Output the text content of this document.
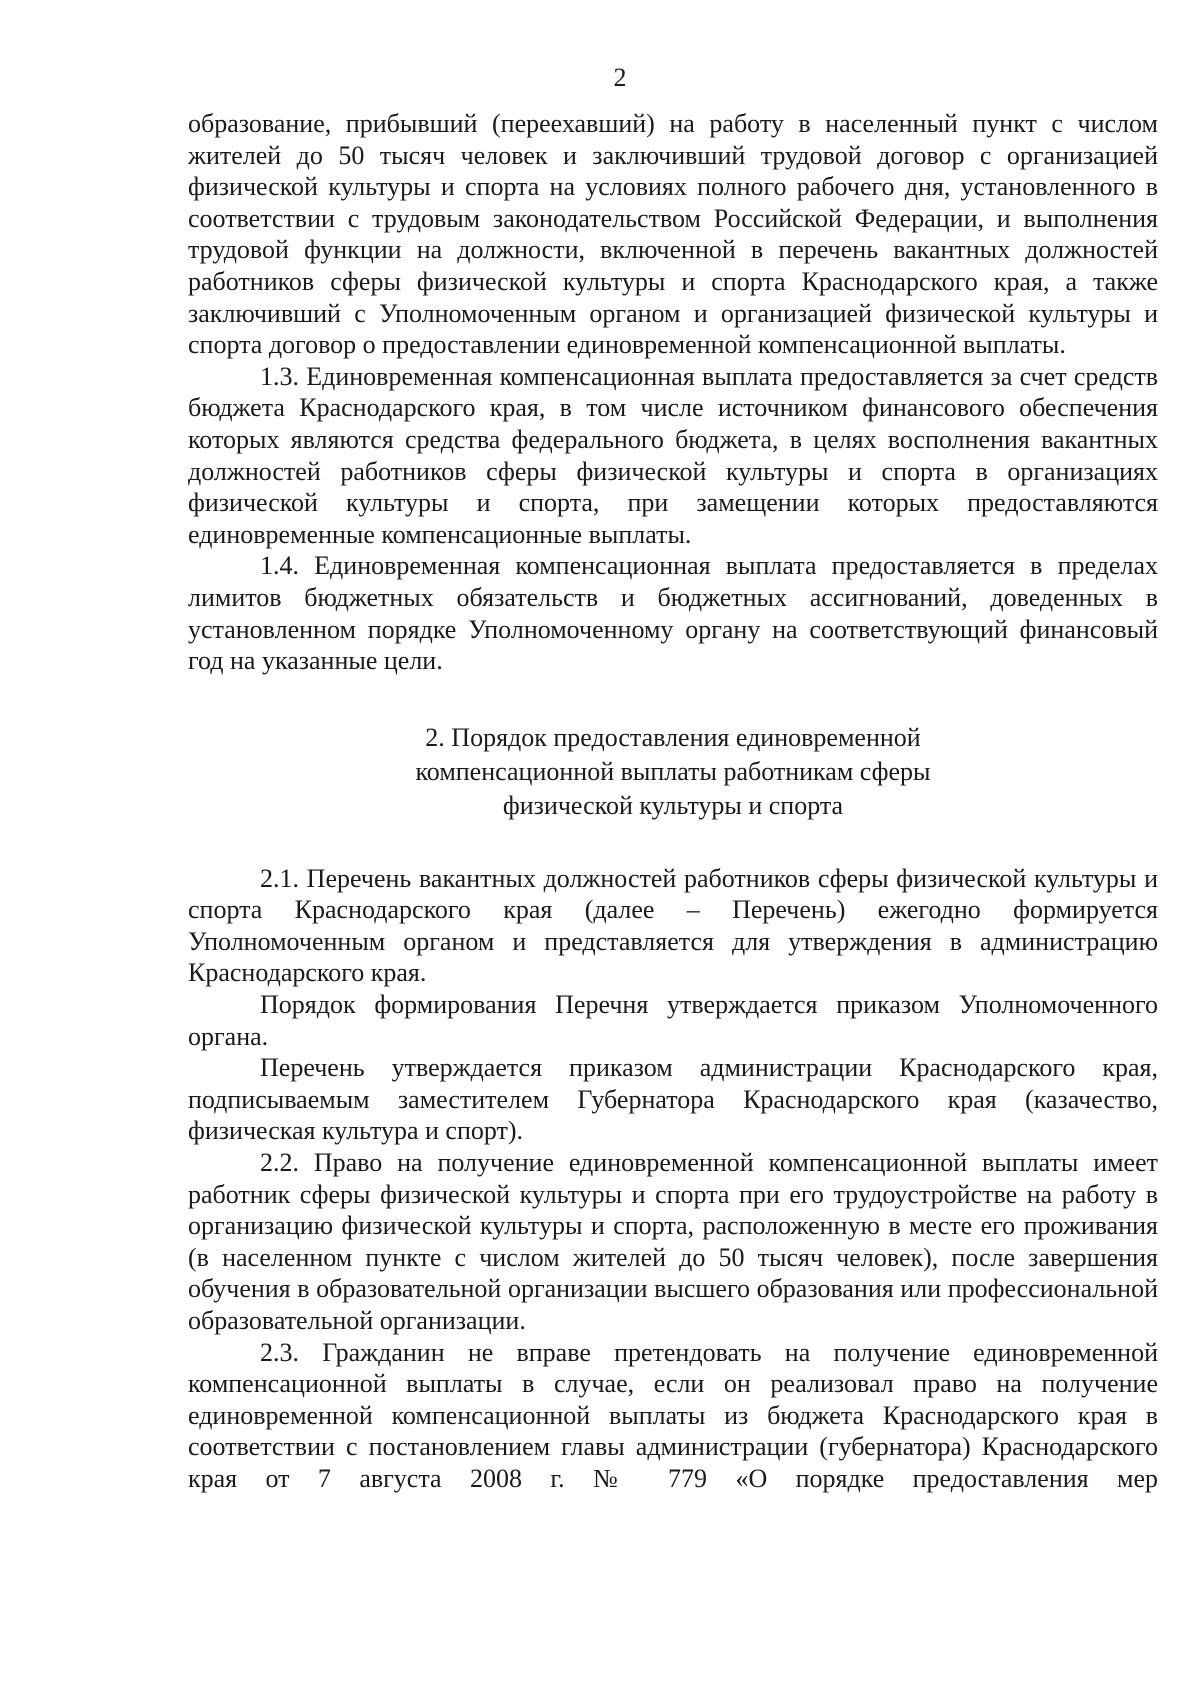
2

образование, прибывший (переехавший) на работу в населенный пункт с числом жителей до 50 тысяч человек и заключивший трудовой договор с организацией физической культуры и спорта на условиях полного рабочего дня, установленного в соответствии с трудовым законодательством Российской Федерации, и выполнения трудовой функции на должности, включенной в перечень вакантных должностей работников сферы физической культуры и спорта Краснодарского края, а также заключивший с Уполномоченным органом и организацией физической культуры и спорта договор о предоставлении единовременной компенсационной выплаты.

1.3. Единовременная компенсационная выплата предоставляется за счет средств бюджета Краснодарского края, в том числе источником финансового обеспечения которых являются средства федерального бюджета, в целях восполнения вакантных должностей работников сферы физической культуры и спорта в организациях физической культуры и спорта, при замещении которых предоставляются единовременные компенсационные выплаты.

1.4. Единовременная компенсационная выплата предоставляется в пределах лимитов бюджетных обязательств и бюджетных ассигнований, доведенных в установленном порядке Уполномоченному органу на соответствующий финансовый год на указанные цели.

2. Порядок предоставления единовременной
компенсационной выплаты работникам сферы
физической культуры и спорта

2.1. Перечень вакантных должностей работников сферы физической культуры и спорта Краснодарского края (далее – Перечень) ежегодно формируется Уполномоченным органом и представляется для утверждения в администрацию Краснодарского края.

Порядок формирования Перечня утверждается приказом Уполномоченного органа.

Перечень утверждается приказом администрации Краснодарского края, подписываемым заместителем Губернатора Краснодарского края (казачество, физическая культура и спорт).

2.2. Право на получение единовременной компенсационной выплаты имеет работник сферы физической культуры и спорта при его трудоустройстве на работу в организацию физической культуры и спорта, расположенную в месте его проживания (в населенном пункте с числом жителей до 50 тысяч человек), после завершения обучения в образовательной организации высшего образования или профессиональной образовательной организации.

2.3. Гражданин не вправе претендовать на получение единовременной компенсационной выплаты в случае, если он реализовал право на получение единовременной компенсационной выплаты из бюджета Краснодарского края в соответствии с постановлением главы администрации (губернатора) Краснодарского края от 7 августа 2008 г. № 779 «О порядке предоставления мер
